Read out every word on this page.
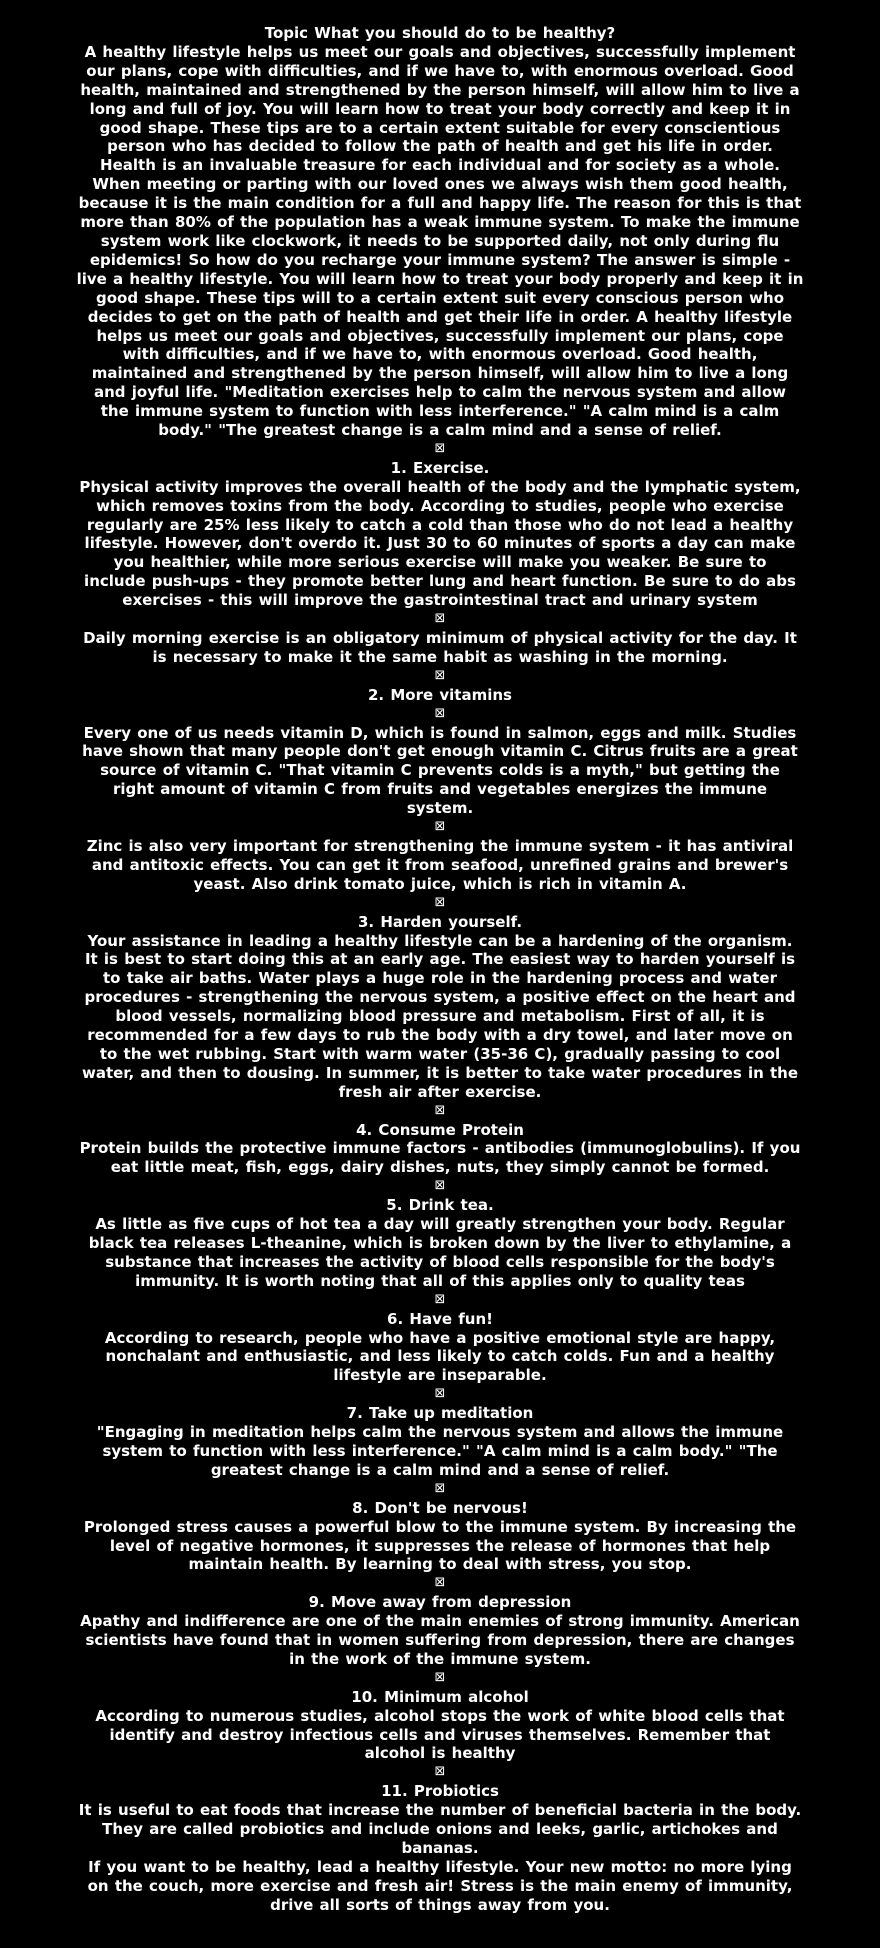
Topic What you should do to be healthy?
A healthy lifestyle helps us meet our goals and objectives, successfully implement
our plans, cope with difficulties, and if we have to, with enormous overload. Good
health, maintained and strengthened by the person himself, will allow him to live a
long and full of joy. You will learn how to treat your body correctly and keep it in
good shape. These tips are to a certain extent suitable for every conscientious
person who has decided to follow the path of health and get his life in order.
Health is an invaluable treasure for each individual and for society as a whole.
When meeting or parting with our loved ones we always wish them good health,
because it is the main condition for a full and happy life. The reason for this is that
more than 80% of the population has a weak immune system. To make the immune
system work like clockwork, it needs to be supported daily, not only during flu
epidemics! So how do you recharge your immune system? The answer is simple -
live a healthy lifestyle. You will learn how to treat your body properly and keep it in
good shape. These tips will to a certain extent suit every conscious person who
decides to get on the path of health and get their life in order. A healthy lifestyle
helps us meet our goals and objectives, successfully implement our plans, cope
with difficulties, and if we have to, with enormous overload. Good health,
maintained and strengthened by the person himself, will allow him to live a long
and joyful life. "Meditation exercises help to calm the nervous system and allow
the immune system to function with less interference." "A calm mind is a calm
body." "The greatest change is a calm mind and a sense of relief.
⊠
1. Exercise.
Physical activity improves the overall health of the body and the lymphatic system,
which removes toxins from the body. According to studies, people who exercise
regularly are 25% less likely to catch a cold than those who do not lead a healthy
lifestyle. However, don't overdo it. Just 30 to 60 minutes of sports a day can make
you healthier, while more serious exercise will make you weaker. Be sure to
include push-ups - they promote better lung and heart function. Be sure to do abs
exercises - this will improve the gastrointestinal tract and urinary system
⊠
Daily morning exercise is an obligatory minimum of physical activity for the day. It
is necessary to make it the same habit as washing in the morning.
⊠
2. More vitamins
⊠
Every one of us needs vitamin D, which is found in salmon, eggs and milk. Studies
have shown that many people don't get enough vitamin C. Citrus fruits are a great
source of vitamin C. "That vitamin C prevents colds is a myth," but getting the
right amount of vitamin C from fruits and vegetables energizes the immune
system.
⊠
Zinc is also very important for strengthening the immune system - it has antiviral
and antitoxic effects. You can get it from seafood, unrefined grains and brewer's
yeast. Also drink tomato juice, which is rich in vitamin A.
⊠
3. Harden yourself.
Your assistance in leading a healthy lifestyle can be a hardening of the organism.
It is best to start doing this at an early age. The easiest way to harden yourself is
to take air baths. Water plays a huge role in the hardening process and water
procedures - strengthening the nervous system, a positive effect on the heart and
blood vessels, normalizing blood pressure and metabolism. First of all, it is
recommended for a few days to rub the body with a dry towel, and later move on
to the wet rubbing. Start with warm water (35-36 C), gradually passing to cool
water, and then to dousing. In summer, it is better to take water procedures in the
fresh air after exercise.
⊠
4. Consume Protein
Protein builds the protective immune factors - antibodies (immunoglobulins). If you
eat little meat, fish, eggs, dairy dishes, nuts, they simply cannot be formed.
⊠
5. Drink tea.
As little as five cups of hot tea a day will greatly strengthen your body. Regular
black tea releases L-theanine, which is broken down by the liver to ethylamine, a
substance that increases the activity of blood cells responsible for the body's
immunity. It is worth noting that all of this applies only to quality teas
⊠
6. Have fun!
According to research, people who have a positive emotional style are happy,
nonchalant and enthusiastic, and less likely to catch colds. Fun and a healthy
lifestyle are inseparable.
⊠
7. Take up meditation
"Engaging in meditation helps calm the nervous system and allows the immune
system to function with less interference." "A calm mind is a calm body." "The
greatest change is a calm mind and a sense of relief.
⊠
8. Don't be nervous!
Prolonged stress causes a powerful blow to the immune system. By increasing the
level of negative hormones, it suppresses the release of hormones that help
maintain health. By learning to deal with stress, you stop.
⊠
9. Move away from depression
Apathy and indifference are one of the main enemies of strong immunity. American
scientists have found that in women suffering from depression, there are changes
in the work of the immune system.
⊠
10. Minimum alcohol
According to numerous studies, alcohol stops the work of white blood cells that
identify and destroy infectious cells and viruses themselves. Remember that
alcohol is healthy
⊠
11. Probiotics
It is useful to eat foods that increase the number of beneficial bacteria in the body.
They are called probiotics and include onions and leeks, garlic, artichokes and
bananas.
If you want to be healthy, lead a healthy lifestyle. Your new motto: no more lying
on the couch, more exercise and fresh air! Stress is the main enemy of immunity,
drive all sorts of things away from you.
